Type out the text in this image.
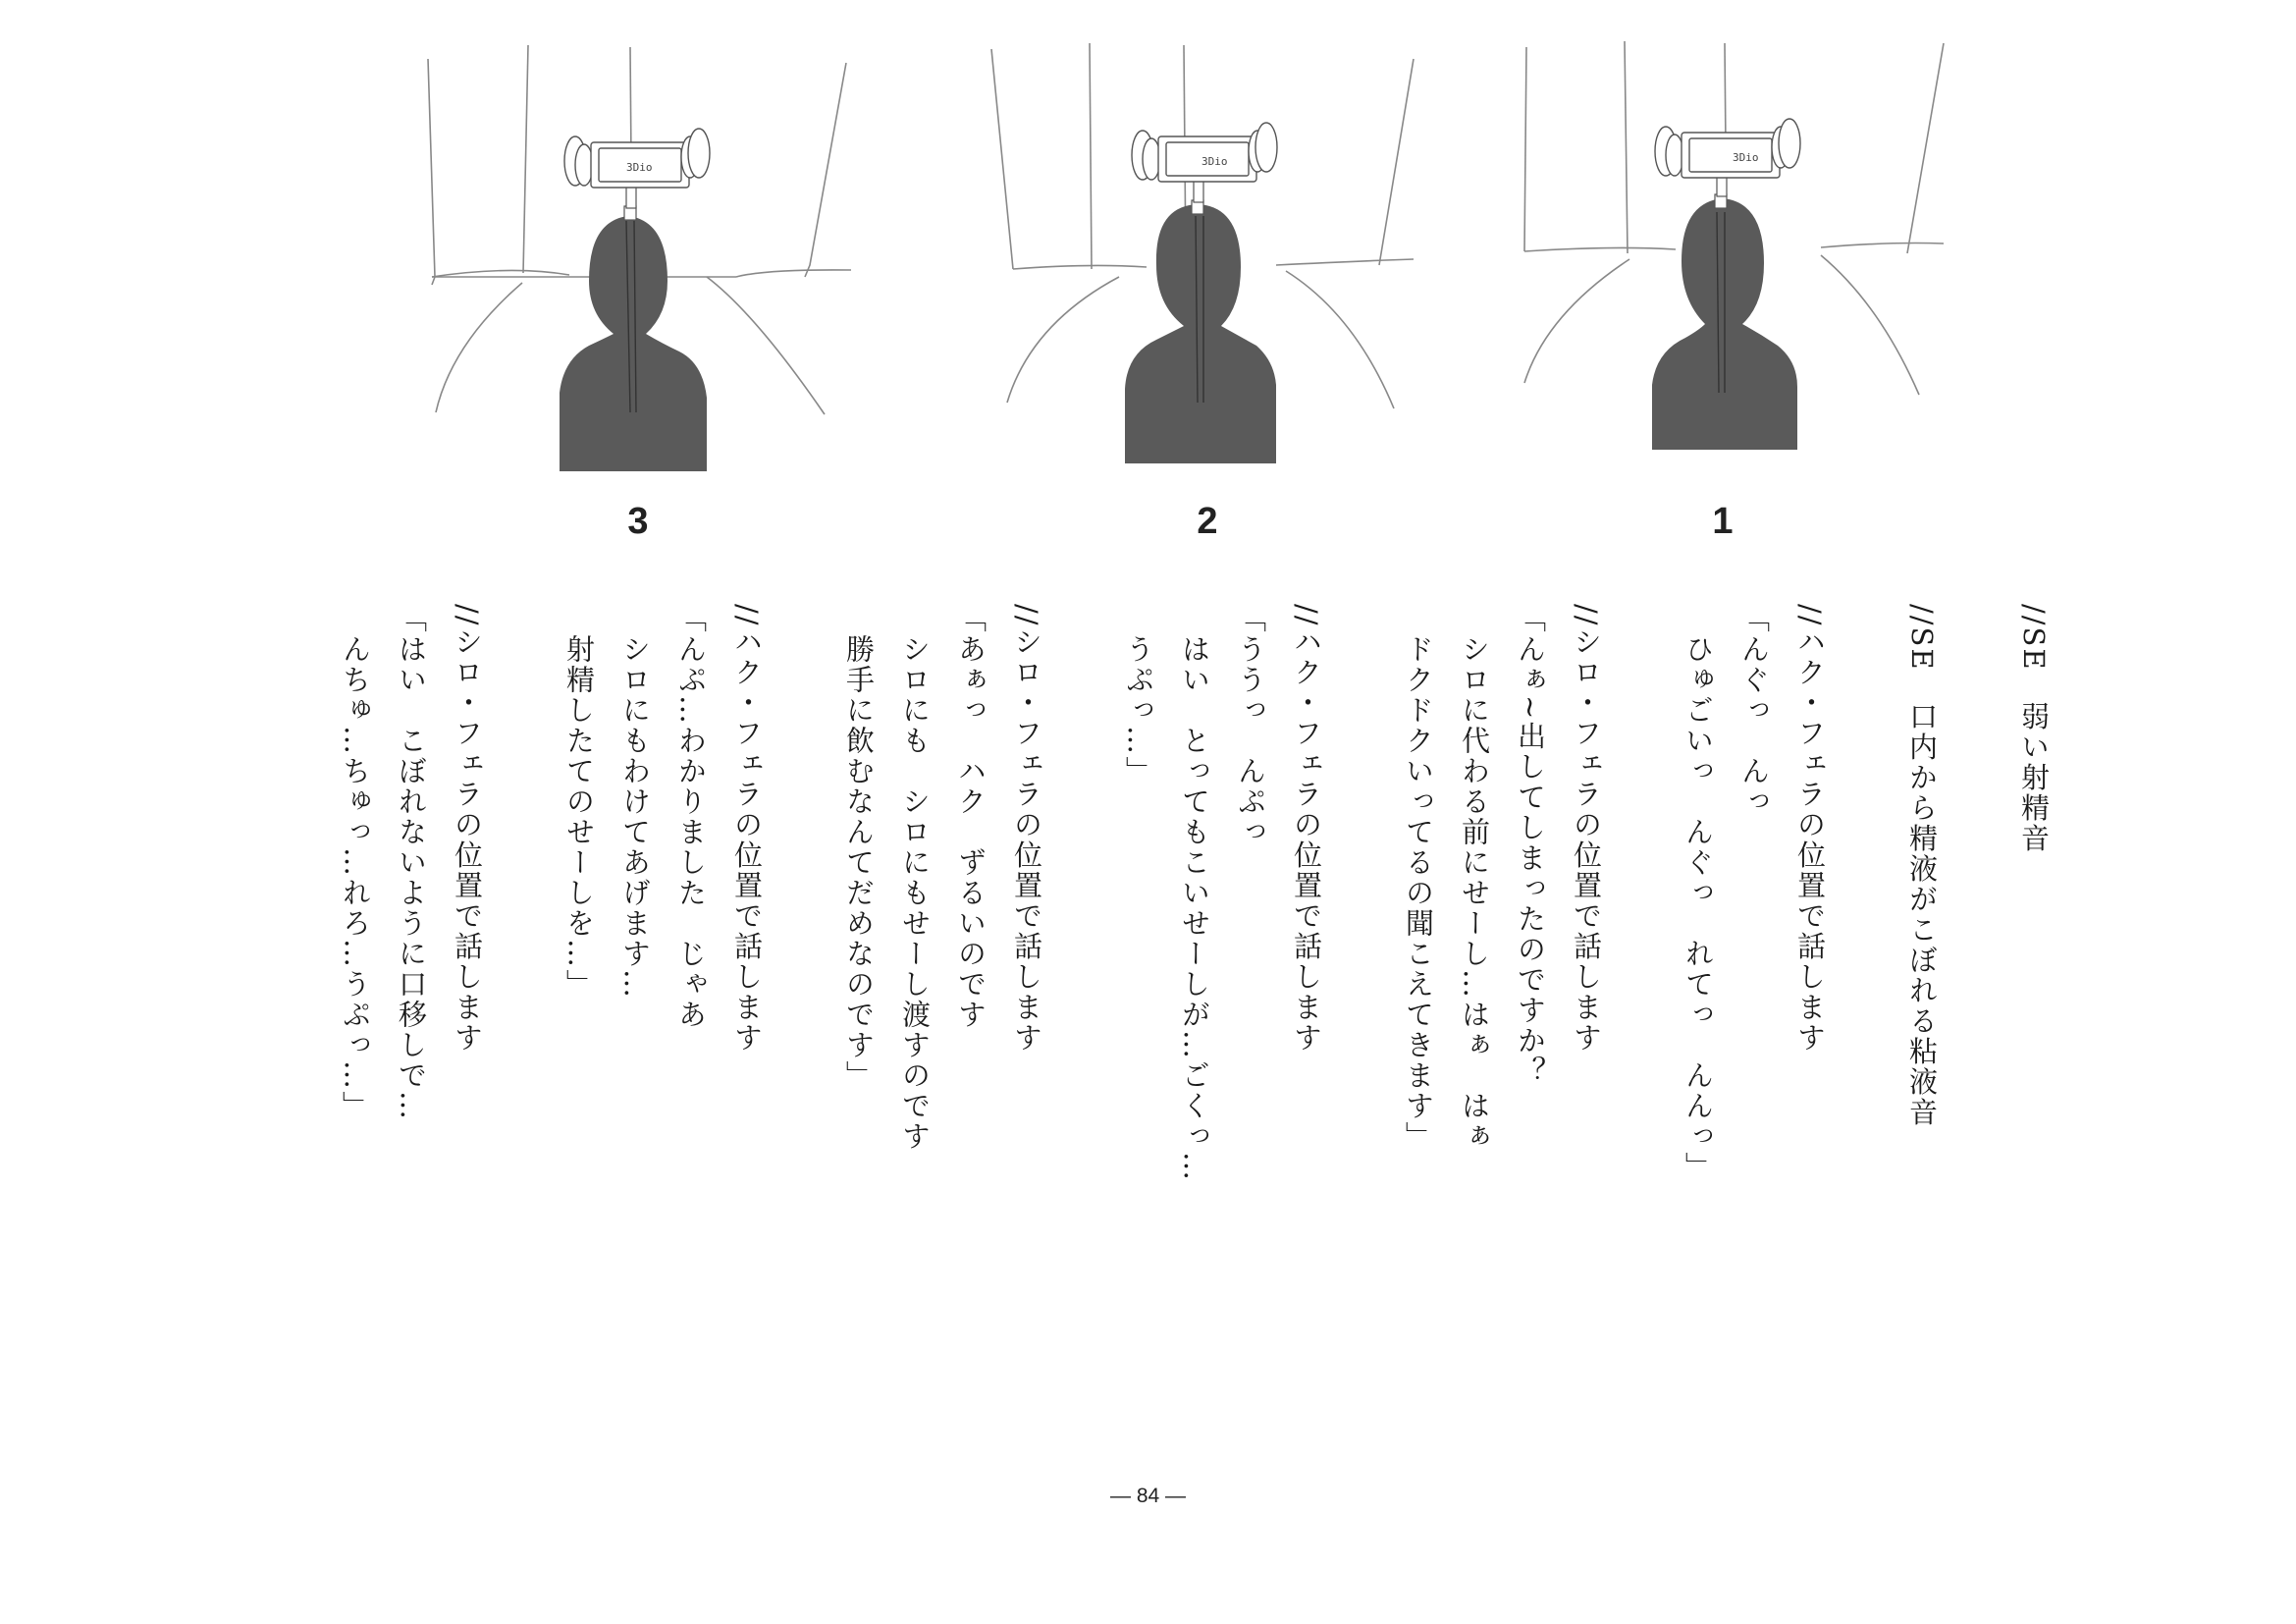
3Dio
3
3Dio
2
3Dio
1
//SE　弱い射精音
//SE　口内から精液がこぼれる粘液音
//ハク・フェラの位置で話します
「んぐっ　んっ
　ひゅごいっ　んぐっ　れてっ　んんっ」
//シロ・フェラの位置で話します
「んぁ~出してしまったのですか？
　シロに代わる前にせーし…はぁ　はぁ
　ドクドクいってるの聞こえてきます」
//ハク・フェラの位置で話します
「ううっ　んぷっ
　はい　とってもこいせーしが…ごくっ…
　うぷっ…」
//シロ・フェラの位置で話します
「あぁっ　ハク　ずるいのです
　シロにも　シロにもせーし渡すのです
　勝手に飲むなんてだめなのです」
//ハク・フェラの位置で話します
「んぷ…わかりました　じゃあ
　シロにもわけてあげます…
　射精したてのせーしを…」
//シロ・フェラの位置で話します
「はい　こぼれないように口移しで…
　んちゅ…ちゅっ…れろ…うぷっ…」
― 84 ―
